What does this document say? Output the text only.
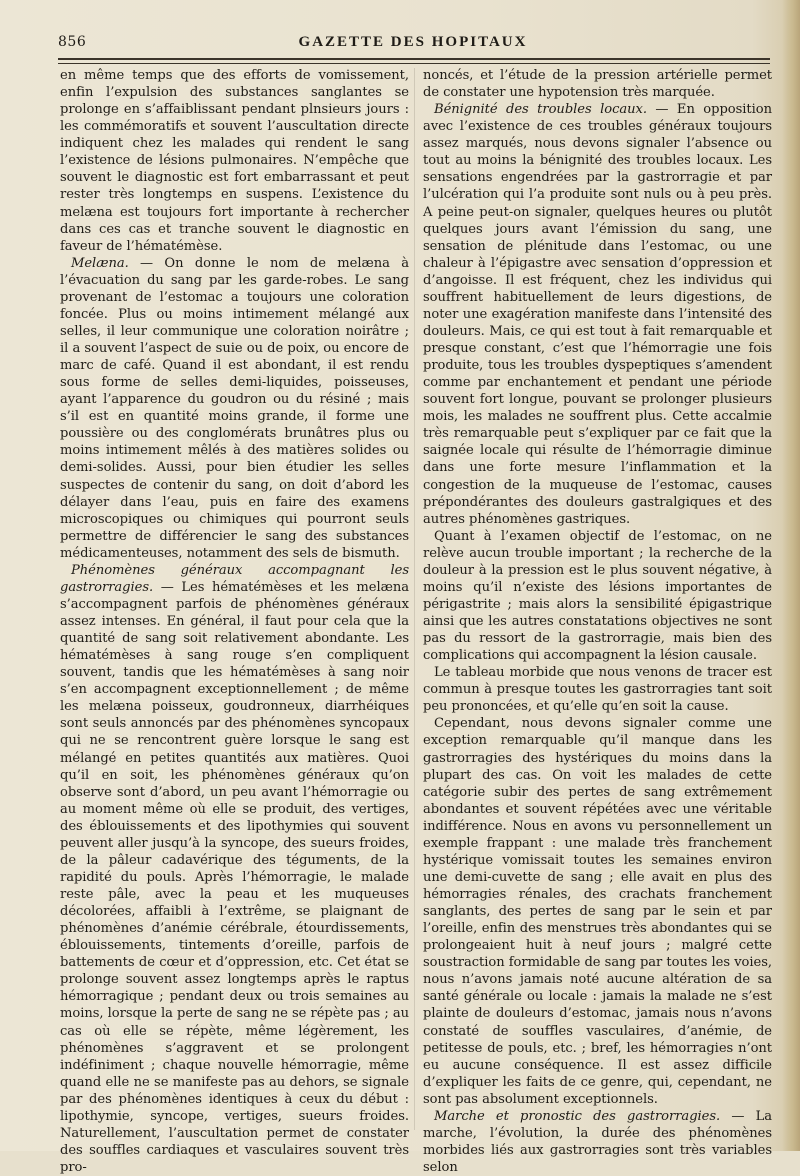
856	GAZETTE DES HOPITAUX

en même temps que des efforts de vomissement, enfin l’expulsion des substances sanglantes se prolonge en s’affaiblissant pendant plnsieurs jours : les commémoratifs et souvent l’auscultation directe indiquent chez les malades qui rendent le sang l’existence de lésions pulmonaires. N’empêche que souvent le diagnostic est fort embarrassant et peut rester très longtemps en suspens. L’existence du melæna est toujours fort importante à rechercher dans ces cas et tranche souvent le diagnostic en faveur de l’hématémèse.

Melæna. — On donne le nom de melæna à l’évacuation du sang par les garde-robes. Le sang provenant de l’estomac a toujours une coloration foncée. Plus ou moins intimement mélangé aux selles, il leur communique une coloration noirâtre ; il a souvent l’aspect de suie ou de poix, ou encore de marc de café. Quand il est abondant, il est rendu sous forme de selles demi-liquides, poisseuses, ayant l’apparence du goudron ou du résiné ; mais s’il est en quantité moins grande, il forme une poussière ou des conglomérats brunâtres plus ou moins intimement mêlés à des matières solides ou demi-solides. Aussi, pour bien étudier les selles suspectes de contenir du sang, on doit d’abord les délayer dans l’eau, puis en faire des examens microscopiques ou chimiques qui pourront seuls permettre de différencier le sang des substances médicamenteuses, notamment des sels de bismuth.

Phénomènes généraux accompagnant les gastrorragies. — Les hématémèses et les melæna s’accompagnent parfois de phénomènes généraux assez intenses. En général, il faut pour cela que la quantité de sang soit relativement abondante. Les hématémèses à sang rouge s’en compliquent souvent, tandis que les hématémèses à sang noir s’en accompagnent exceptionnellement ; de même les melæna poisseux, goudronneux, diarrhéiques sont seuls annoncés par des phénomènes syncopaux qui ne se rencontrent guère lorsque le sang est mélangé en petites quantités aux matières. Quoi qu’il en soit, les phénomènes généraux qu’on observe sont d’abord, un peu avant l’hémorragie ou au moment même où elle se produit, des vertiges, des éblouissements et des lipothymies qui souvent peuvent aller jusqu’à la syncope, des sueurs froides, de la pâleur cadavérique des téguments, de la rapidité du pouls. Après l’hémorragie, le malade reste pâle, avec la peau et les muqueuses décolorées, affaibli à l’extrême, se plaignant de phénomènes d’anémie cérébrale, étourdissements, éblouissements, tintements d’oreille, parfois de battements de cœur et d’oppression, etc. Cet état se prolonge souvent assez longtemps après le raptus hémorragique ; pendant deux ou trois semaines au moins, lorsque la perte de sang ne se répète pas ; au cas où elle se répète, même légèrement, les phénomènes s’aggravent et se prolongent indéfiniment ; chaque nouvelle hémorragie, même quand elle ne se manifeste pas au dehors, se signale par des phénomènes identiques à ceux du début : lipothymie, syncope, vertiges, sueurs froides. Naturellement, l’auscultation permet de constater des souffles cardiaques et vasculaires souvent très pro-

noncés, et l’étude de la pression artérielle permet de constater une hypotension très marquée.

Bénignité des troubles locaux. — En opposition avec l’existence de ces troubles généraux toujours assez marqués, nous devons signaler l’absence ou tout au moins la bénignité des troubles locaux. Les sensations engendrées par la gastrorragie et par l’ulcération qui l’a produite sont nuls ou à peu près. A peine peut-on signaler, quelques heures ou plutôt quelques jours avant l’émission du sang, une sensation de plénitude dans l’estomac, ou une chaleur à l’épigastre avec sensation d’oppression et d’angoisse. Il est fréquent, chez les individus qui souffrent habituellement de leurs digestions, de noter une exagération manifeste dans l’intensité des douleurs. Mais, ce qui est tout à fait remarquable et presque constant, c’est que l’hémorragie une fois produite, tous les troubles dyspeptiques s’amendent comme par enchantement et pendant une période souvent fort longue, pouvant se prolonger plusieurs mois, les malades ne souffrent plus. Cette accalmie très remarquable peut s’expliquer par ce fait que la saignée locale qui résulte de l’hémorragie diminue dans une forte mesure l’inflammation et la congestion de la muqueuse de l’estomac, causes prépondérantes des douleurs gastralgiques et des autres phénomènes gastriques.

Quant à l’examen objectif de l’estomac, on ne relève aucun trouble important ; la recherche de la douleur à la pression est le plus souvent négative, à moins qu’il n’existe des lésions importantes de périgastrite ; mais alors la sensibilité épigastrique ainsi que les autres constatations objectives ne sont pas du ressort de la gastrorragie, mais bien des complications qui accompagnent la lésion causale.

Le tableau morbide que nous venons de tracer est commun à presque toutes les gastrorragies tant soit peu prononcées, et qu’elle qu’en soit la cause.

Cependant, nous devons signaler comme une exception remarquable qu’il manque dans les gastrorragies des hystériques du moins dans la plupart des cas. On voit les malades de cette catégorie subir des pertes de sang extrêmement abondantes et souvent répétées avec une véritable indifférence. Nous en avons vu personnellement un exemple frappant : une malade très franchement hystérique vomissait toutes les semaines environ une demi-cuvette de sang ; elle avait en plus des hémorragies rénales, des crachats franchement sanglants, des pertes de sang par le sein et par l’oreille, enfin des menstrues très abondantes qui se prolongeaient huit à neuf jours ; malgré cette soustraction formidable de sang par toutes les voies, nous n’avons jamais noté aucune altération de sa santé générale ou locale : jamais la malade ne s’est plainte de douleurs d’estomac, jamais nous n’avons constaté de souffles vasculaires, d’anémie, de petitesse de pouls, etc. ; bref, les hémorragies n’ont eu aucune conséquence. Il est assez difficile d’expliquer les faits de ce genre, qui, cependant, ne sont pas absolument exceptionnels.

Marche et pronostic des gastrorragies. — La marche, l’évolution, la durée des phénomènes morbides liés aux gastrorragies sont très variables selon
